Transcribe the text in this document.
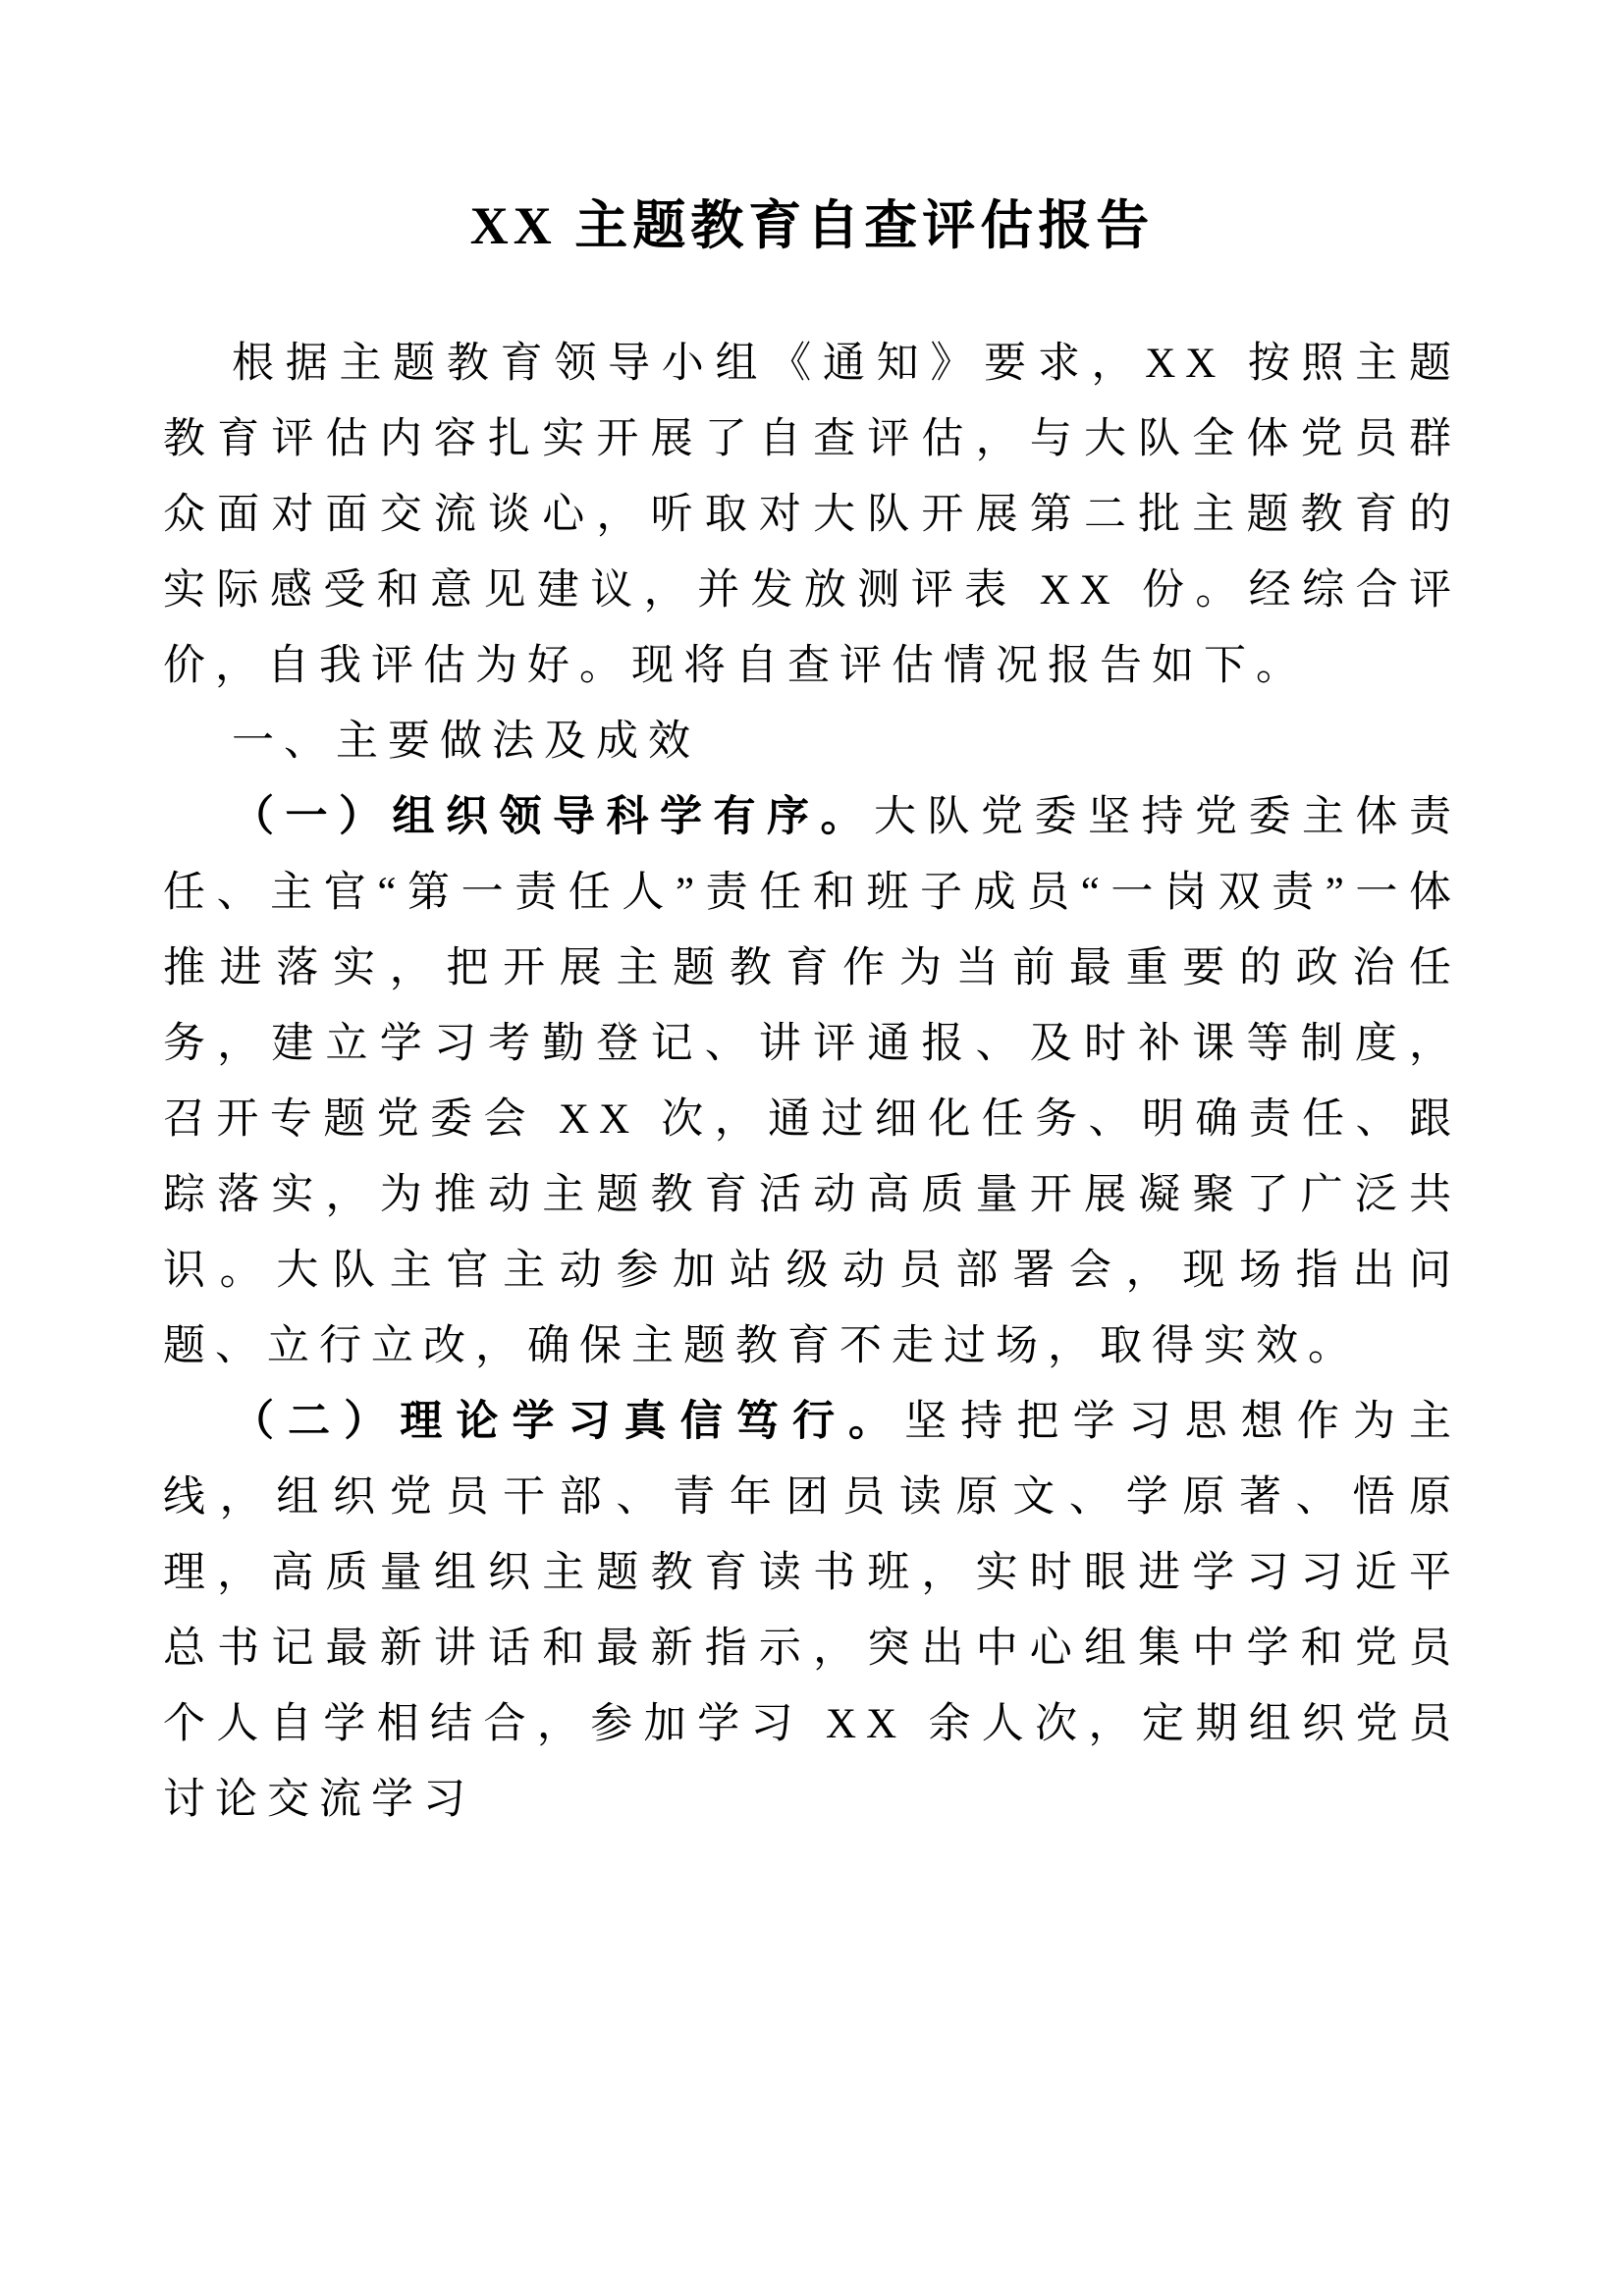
XX 主题教育自查评估报告

根据主题教育领导小组《通知》要求，XX 按照主题教育评估内容扎实开展了自查评估，与大队全体党员群众面对面交流谈心，听取对大队开展第二批主题教育的实际感受和意见建议，并发放测评表 XX 份。经综合评价，自我评估为好。现将自查评估情况报告如下。

一、主要做法及成效

（一）组织领导科学有序。大队党委坚持党委主体责任、主官“第一责任人”责任和班子成员“一岗双责”一体推进落实，把开展主题教育作为当前最重要的政治任务，建立学习考勤登记、讲评通报、及时补课等制度，召开专题党委会 XX 次，通过细化任务、明确责任、跟踪落实，为推动主题教育活动高质量开展凝聚了广泛共识。大队主官主动参加站级动员部署会，现场指出问题、立行立改，确保主题教育不走过场，取得实效。

（二）理论学习真信笃行。坚持把学习思想作为主线，组织党员干部、青年团员读原文、学原著、悟原理，高质量组织主题教育读书班，实时眼进学习习近平总书记最新讲话和最新指示，突出中心组集中学和党员个人自学相结合，参加学习 XX 余人次，定期组织党员讨论交流学习
